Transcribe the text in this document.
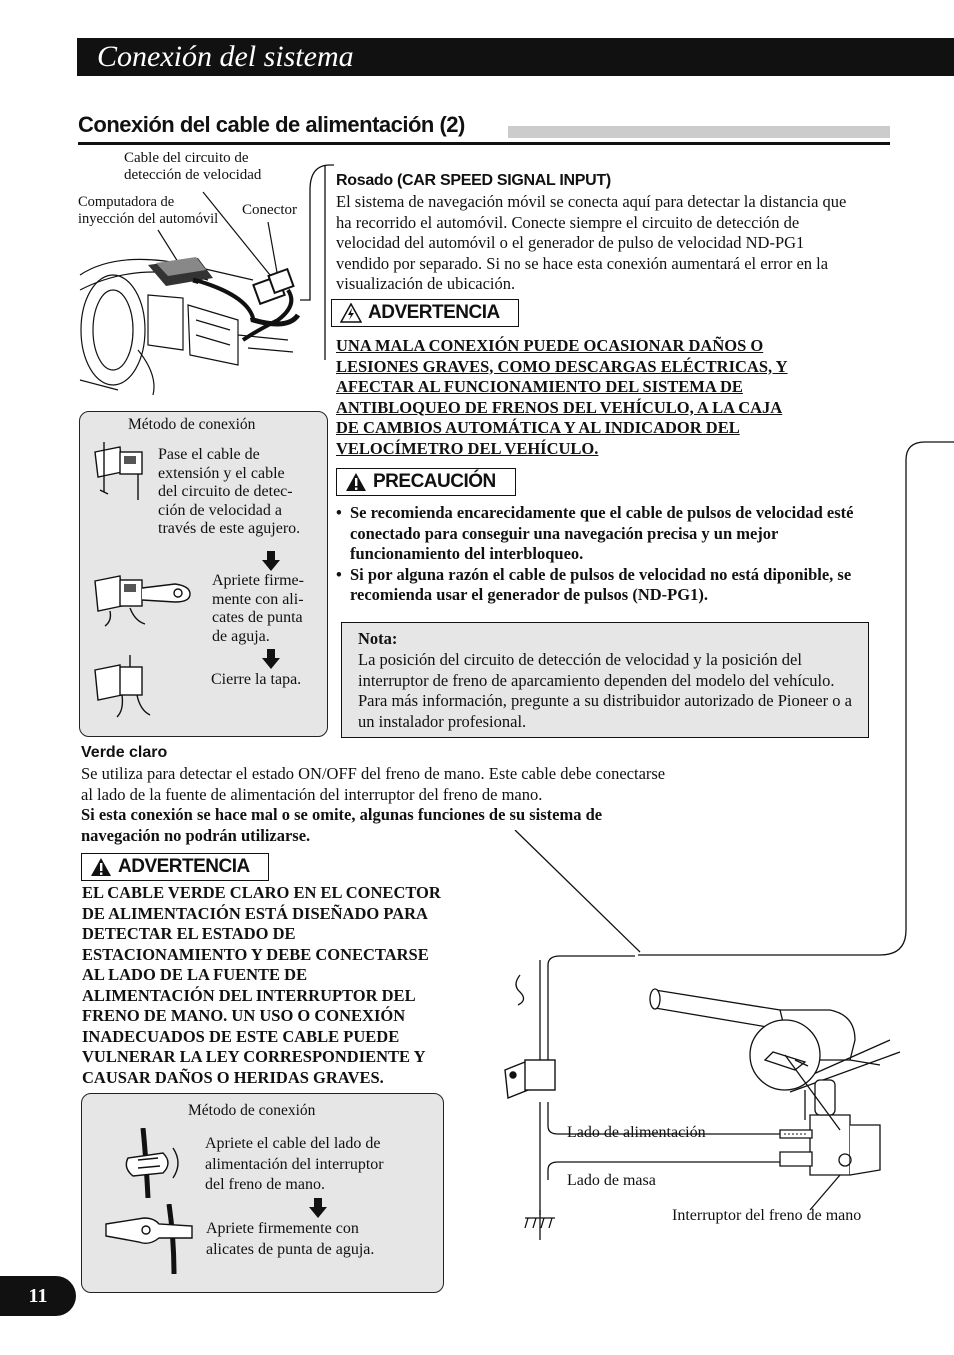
Conexión del sistema
Conexión del cable de alimentación (2)
Cable del circuito de
detección de velocidad
Computadora de
inyección del automóvil
Conector
Método de conexión
Pase el cable de
extensión y el cable
del circuito de detec-
ción de velocidad a
través de este agujero.
Apriete firme-
mente con ali-
cates de punta
de aguja.
Cierre la tapa.
Rosado (CAR SPEED SIGNAL INPUT)
El sistema de navegación móvil se conecta aquí para detectar la distancia que ha recorrido el automóvil. Conecte siempre el circuito de detección de velocidad del automóvil o el generador de pulso de velocidad ND-PG1 vendido por separado. Si no se hace esta conexión aumentará el error en la visualización de ubicación.
ADVERTENCIA
UNA MALA CONEXIÓN PUEDE OCASIONAR DAÑOS O
LESIONES GRAVES, COMO DESCARGAS ELÉCTRICAS, Y
AFECTAR AL FUNCIONAMIENTO DEL SISTEMA DE
ANTIBLOQUEO DE FRENOS DEL VEHÍCULO, A LA CAJA
DE CAMBIOS AUTOMÁTICA Y AL INDICADOR DEL
VELOCÍMETRO DEL VEHÍCULO.
PRECAUCIÓN
• Se recomienda encarecidamente que el cable de pulsos de velocidad esté conectado para conseguir una navegación precisa y un mejor funcionamiento del interbloqueo.
• Si por alguna razón el cable de pulsos de velocidad no está diponible, se recomienda usar el generador de pulsos (ND-PG1).
Nota:
La posición del circuito de detección de velocidad y la posición del interruptor de freno de aparcamiento dependen del modelo del vehículo. Para más información, pregunte a su distribuidor autorizado de Pioneer o a un instalador profesional.
Verde claro
Se utiliza para detectar el estado ON/OFF del freno de mano. Este cable debe conectarse al lado de la fuente de alimentación del interruptor del freno de mano.
Si esta conexión se hace mal o se omite, algunas funciones de su sistema de navegación no podrán utilizarse.
ADVERTENCIA
EL CABLE VERDE CLARO EN EL CONECTOR
DE ALIMENTACIÓN ESTÁ DISEÑADO PARA
DETECTAR EL ESTADO DE
ESTACIONAMIENTO Y DEBE CONECTARSE
AL LADO DE LA FUENTE DE
ALIMENTACIÓN DEL INTERRUPTOR DEL
FRENO DE MANO. UN USO O CONEXIÓN
INADECUADOS DE ESTE CABLE PUEDE
VULNERAR LA LEY CORRESPONDIENTE Y
CAUSAR DAÑOS O HERIDAS GRAVES.
Método de conexión
Apriete el cable del lado de
alimentación del interruptor
del freno de mano.
Apriete firmemente con
alicates de punta de aguja.
Lado de alimentación
Lado de masa
Interruptor del freno de mano
11
